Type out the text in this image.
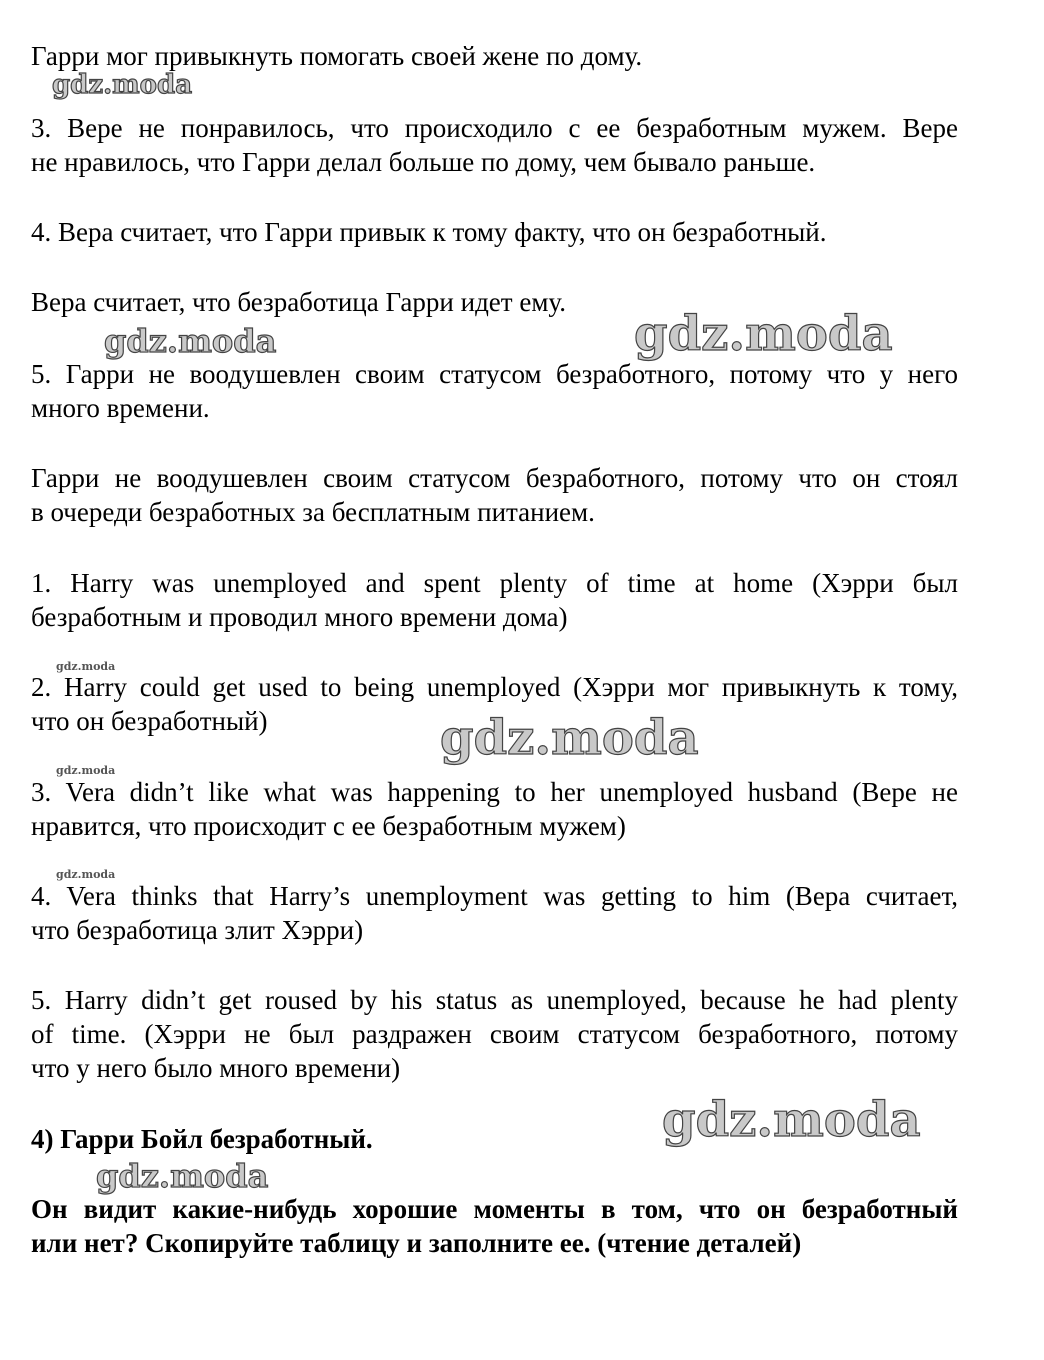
gdz.moda
gdz.moda	gdz.moda
gdz.moda
gdz.moda
gdz.moda
gdz.moda
gdz.moda
gdz.moda
Гарри мог привыкнуть помогать своей жене по дому.
3. Вере не понравилось, что происходило с ее безработным мужем. Вере
не нравилось, что Гарри делал больше по дому, чем бывало раньше.
4. Вера считает, что Гарри привык к тому факту, что он безработный.
Вера считает, что безработица Гарри идет ему.
5. Гарри не воодушевлен своим статусом безработного, потому что у него
много времени.
Гарри не воодушевлен своим статусом безработного, потому что он стоял
в очереди безработных за бесплатным питанием.
1. Harry was unemployed and spent plenty of time at home (Хэрри был
безработным и проводил много времени дома)
2. Harry could get used to being unemployed (Хэрри мог привыкнуть к тому,
что он безработный)
3. Vera didn’t like what was happening to her unemployed husband (Вере не
нравится, что происходит с ее безработным мужем)
4. Vera thinks that Harry’s unemployment was getting to him (Вера считает,
что безработица злит Хэрри)
5. Harry didn’t get roused by his status as unemployed, because he had plenty
of time. (Хэрри не был раздражен своим статусом безработного, потому
что у него было много времени)
4) Гарри Бойл безработный.
Он видит какие-нибудь хорошие моменты в том, что он безработный
или нет? Скопируйте таблицу и заполните ее. (чтение деталей)
